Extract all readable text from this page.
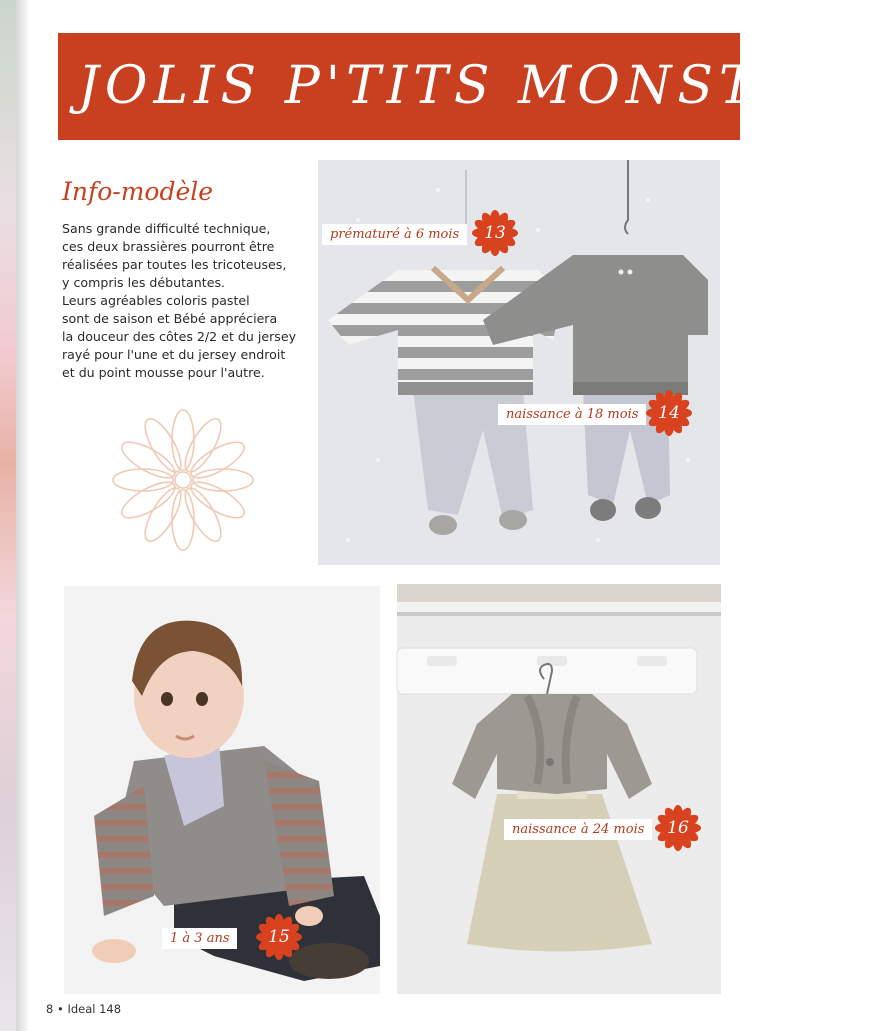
JOLIS P'TITS MONSTRES
Info-modèle
Sans grande difficulté technique,
ces deux brassières pourront être
réalisées par toutes les tricoteuses,
y compris les débutantes.
Leurs agréables coloris pastel
sont de saison et Bébé appréciera
la douceur des côtes 2/2 et du jersey
rayé pour l'une et du jersey endroit
et du point mousse pour l'autre.
prématuré à 6 mois	13
naissance à 18 mois	14
1 à 3 ans	15
naissance à 24 mois	16
8 • Ideal 148
